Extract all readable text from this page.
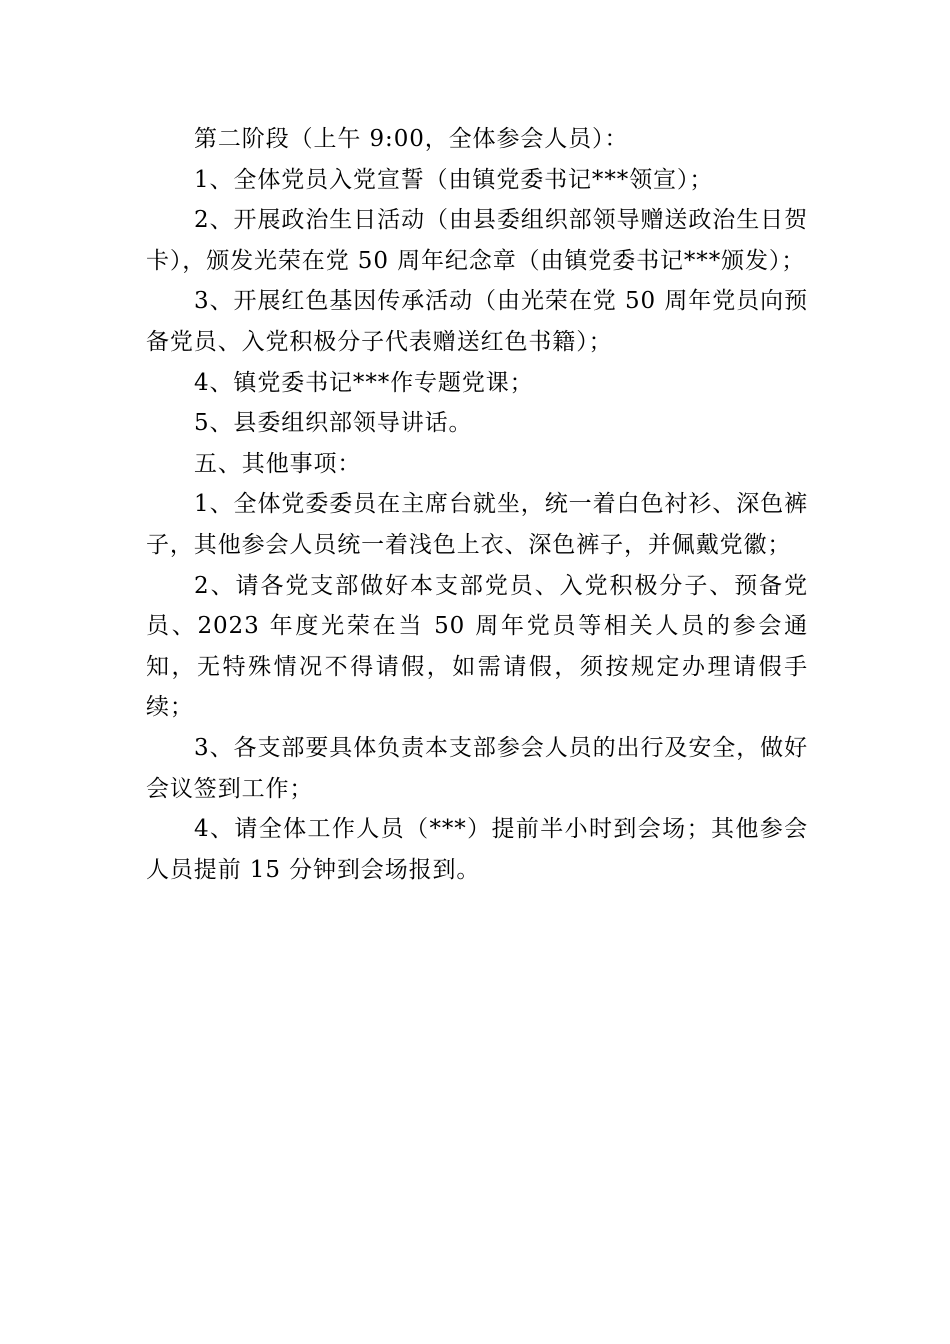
第二阶段（上午 9:00，全体参会人员）：

1、全体党员入党宣誓（由镇党委书记***领宣）；

2、开展政治生日活动（由县委组织部领导赠送政治生日贺卡），颁发光荣在党 50 周年纪念章（由镇党委书记***颁发）；

3、开展红色基因传承活动（由光荣在党 50 周年党员向预备党员、入党积极分子代表赠送红色书籍）；

4、镇党委书记***作专题党课；

5、县委组织部领导讲话。

五、其他事项：

1、全体党委委员在主席台就坐，统一着白色衬衫、深色裤子，其他参会人员统一着浅色上衣、深色裤子，并佩戴党徽；

2、请各党支部做好本支部党员、入党积极分子、预备党员、2023 年度光荣在当 50 周年党员等相关人员的参会通知，无特殊情况不得请假，如需请假，须按规定办理请假手续；

3、各支部要具体负责本支部参会人员的出行及安全，做好会议签到工作；

4、请全体工作人员（***）提前半小时到会场；其他参会人员提前 15 分钟到会场报到。
